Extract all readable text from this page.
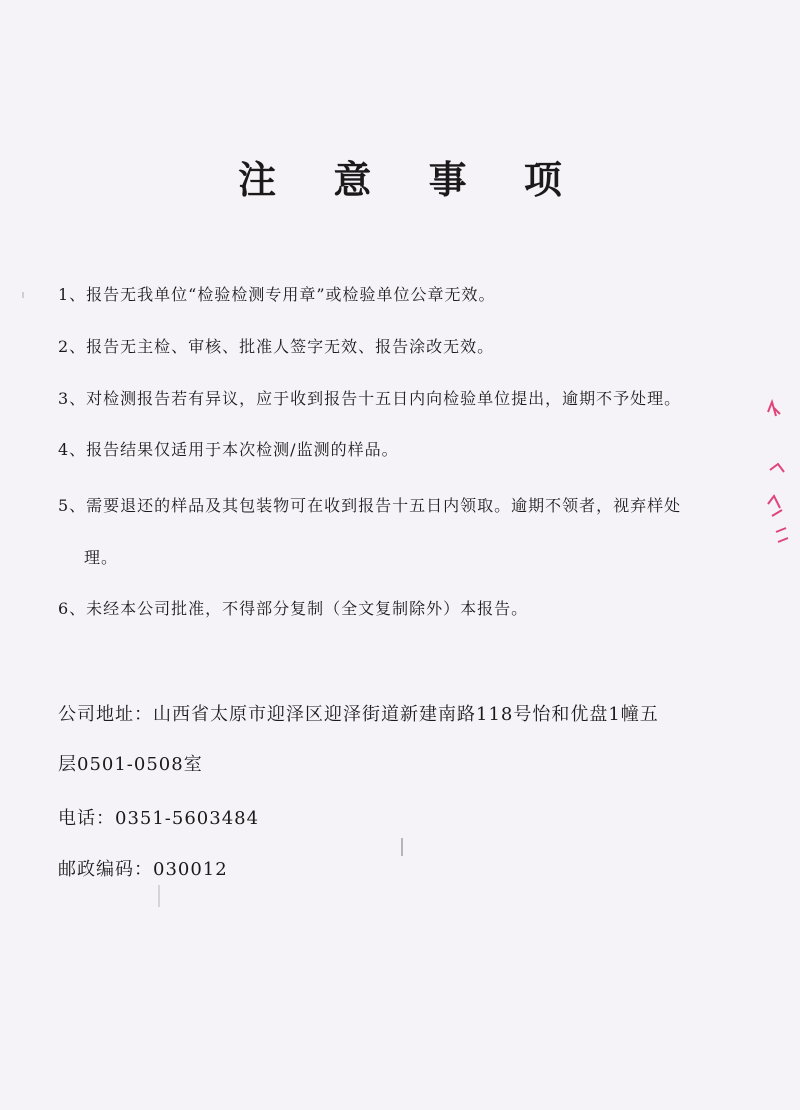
注 意 事 项
1、报告无我单位“检验检测专用章”或检验单位公章无效。
2、报告无主检、审核、批准人签字无效、报告涂改无效。
3、对检测报告若有异议，应于收到报告十五日内向检验单位提出，逾期不予处理。
4、报告结果仅适用于本次检测/监测的样品。
5、需要退还的样品及其包装物可在收到报告十五日内领取。逾期不领者，视弃样处
理。
6、未经本公司批准，不得部分复制（全文复制除外）本报告。
公司地址：山西省太原市迎泽区迎泽街道新建南路118号怡和优盘1幢五
层0501-0508室
电话：0351-5603484
邮政编码：030012
